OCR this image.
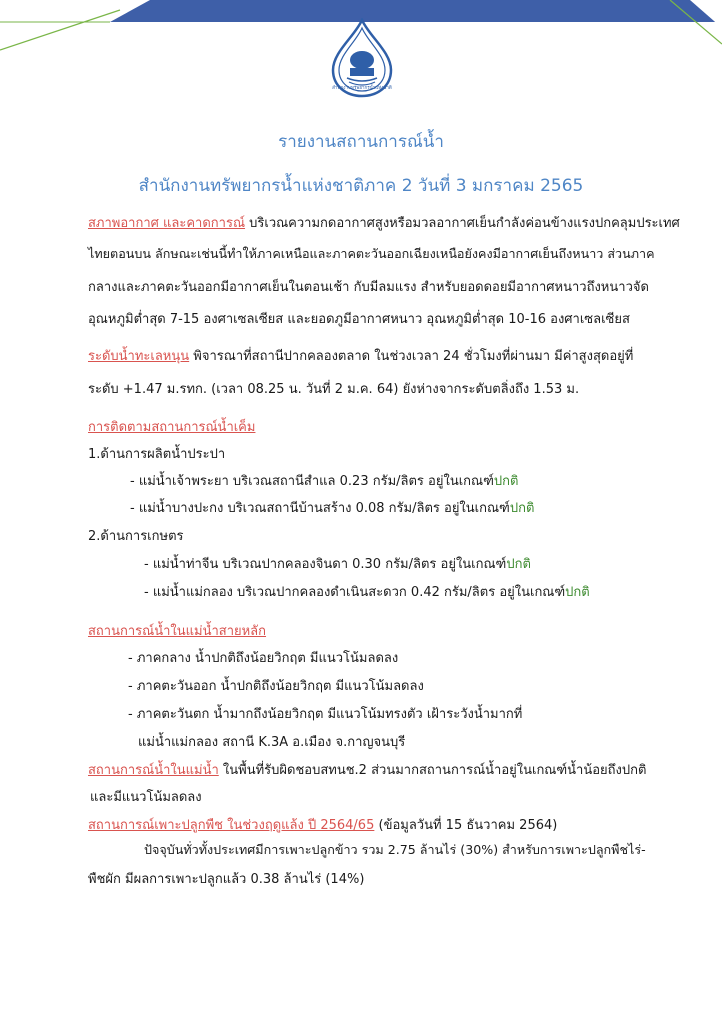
สำนักงานทรัพยากรน้ำแห่งชาติ
รายงานสถานการณ์น้ำ
สำนักงานทรัพยากรน้ำแห่งชาติภาค 2 วันที่ 3 มกราคม 2565
สภาพอากาศ และคาดการณ์ บริเวณความกดอากาศสูงหรือมวลอากาศเย็นกำลังค่อนข้างแรงปกคลุมประเทศ
ไทยตอนบน ลักษณะเช่นนี้ทำให้ภาคเหนือและภาคตะวันออกเฉียงเหนือยังคงมีอากาศเย็นถึงหนาว ส่วนภาค
กลางและภาคตะวันออกมีอากาศเย็นในตอนเช้า กับมีลมแรง สำหรับยอดดอยมีอากาศหนาวถึงหนาวจัด
อุณหภูมิต่ำสุด 7-15 องศาเซลเซียส และยอดภูมีอากาศหนาว อุณหภูมิต่ำสุด 10-16 องศาเซลเซียส
ระดับน้ำทะเลหนุน พิจารณาที่สถานีปากคลองตลาด ในช่วงเวลา 24 ชั่วโมงที่ผ่านมา มีค่าสูงสุดอยู่ที่
ระดับ +1.47 ม.รทก. (เวลา 08.25 น. วันที่ 2 ม.ค. 64) ยังห่างจากระดับตลิ่งถึง 1.53 ม.
การติดตามสถานการณ์น้ำเค็ม
1.ด้านการผลิตน้ำประปา
- แม่น้ำเจ้าพระยา บริเวณสถานีสำแล 0.23 กรัม/ลิตร อยู่ในเกณฑ์ปกติ
- แม่น้ำบางปะกง บริเวณสถานีบ้านสร้าง 0.08 กรัม/ลิตร อยู่ในเกณฑ์ปกติ
2.ด้านการเกษตร
- แม่น้ำท่าจีน บริเวณปากคลองจินดา 0.30 กรัม/ลิตร อยู่ในเกณฑ์ปกติ
- แม่น้ำแม่กลอง บริเวณปากคลองดำเนินสะดวก 0.42 กรัม/ลิตร อยู่ในเกณฑ์ปกติ
สถานการณ์น้ำในแม่น้ำสายหลัก
- ภาคกลาง น้ำปกติถึงน้อยวิกฤต มีแนวโน้มลดลง
- ภาคตะวันออก น้ำปกติถึงน้อยวิกฤต มีแนวโน้มลดลง
- ภาคตะวันตก น้ำมากถึงน้อยวิกฤต มีแนวโน้มทรงตัว เฝ้าระวังน้ำมากที่
แม่น้ำแม่กลอง สถานี K.3A อ.เมือง จ.กาญจนบุรี
สถานการณ์น้ำในแม่น้ำ ในพื้นที่รับผิดชอบสทนช.2 ส่วนมากสถานการณ์น้ำอยู่ในเกณฑ์น้ำน้อยถึงปกติ
และมีแนวโน้มลดลง
สถานการณ์เพาะปลูกพืช ในช่วงฤดูแล้ง ปี 2564/65 (ข้อมูลวันที่ 15 ธันวาคม 2564)
ปัจจุบันทั่วทั้งประเทศมีการเพาะปลูกข้าว รวม 2.75 ล้านไร่ (30%) สำหรับการเพาะปลูกพืชไร่-
พืชผัก มีผลการเพาะปลูกแล้ว 0.38 ล้านไร่ (14%)
